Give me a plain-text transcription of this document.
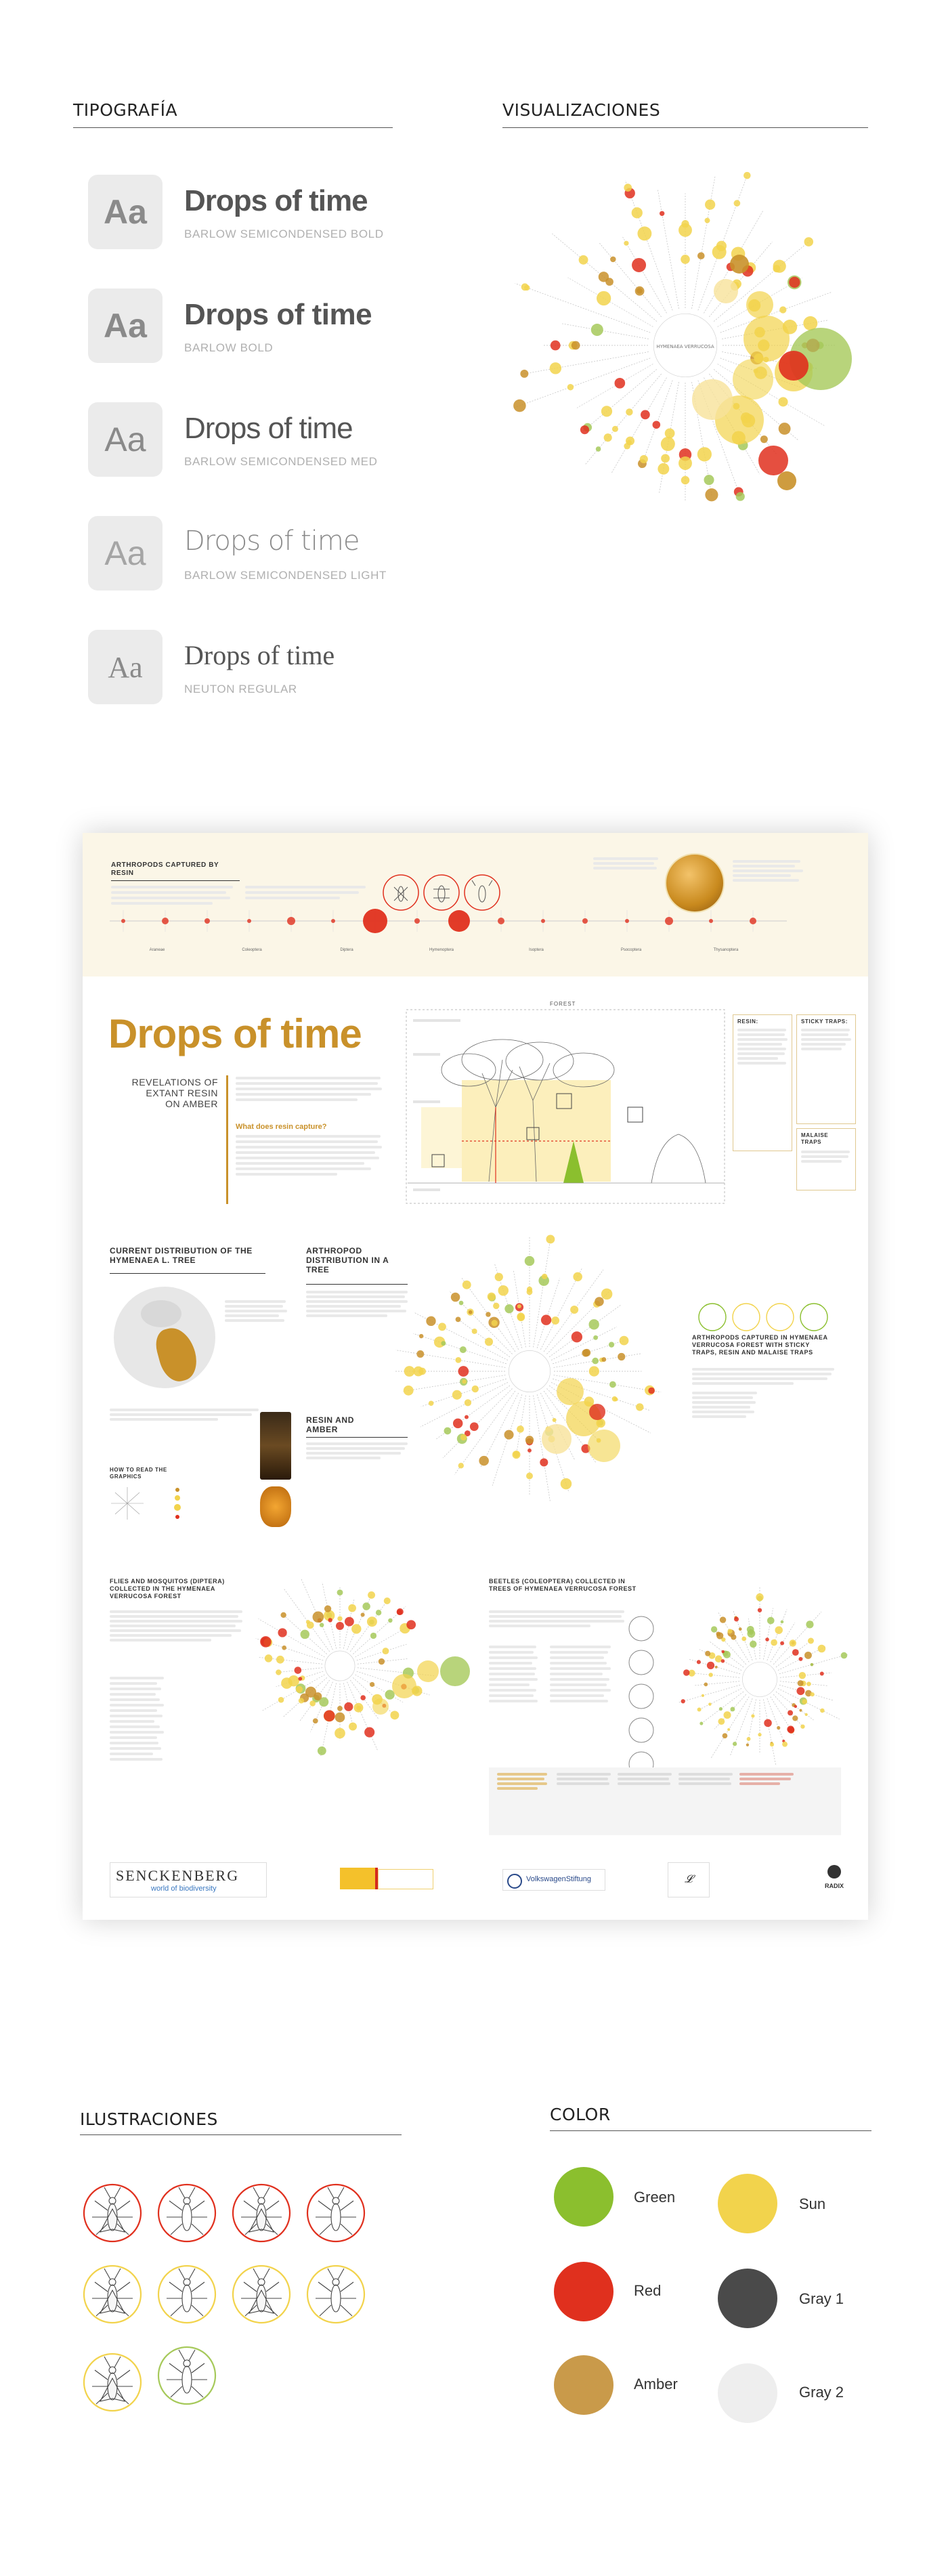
TIPOGRAFÍA
Aa	Drops of time
BARLOW SEMICONDENSED BOLD
Aa	Drops of time
BARLOW BOLD
Aa	Drops of time
BARLOW SEMICONDENSED MED
Aa	Drops of time
BARLOW SEMICONDENSED LIGHT
Aa	Drops of time
NEUTON REGULAR
VISUALIZACIONES
HYMENAEA VERRUCOSA
ARTHROPODS CAPTURED BY RESIN
Araneae	Coleoptera	Diptera	Hymenoptera	Isoptera	Psocoptera	Thysanoptera
Drops of time
REVELATIONS OF EXTANT RESIN ON AMBER
What does resin capture?
FOREST
RESIN:	STICKY TRAPS:
MALAISE TRAPS
CURRENT DISTRIBUTION OF THE HYMENAEA L. TREE
ARTHROPOD DISTRIBUTION IN A TREE
RESIN AND AMBER
HOW TO READ THE GRAPHICS
ARTHROPODS CAPTURED IN HYMENAEA VERRUCOSA FOREST WITH STICKY TRAPS, RESIN AND MALAISE TRAPS
FLIES AND MOSQUITOS (DIPTERA) COLLECTED IN THE HYMENAEA VERRUCOSA FOREST
BEETLES (COLEOPTERA) COLLECTED IN TREES OF HYMENAEA VERRUCOSA FOREST
SENCKENBERG
world of biodiversity
VolkswagenStiftung	𝓛
RADIX
ILUSTRACIONES	COLOR
Green	Sun
Red	Gray 1
Amber	Gray 2
